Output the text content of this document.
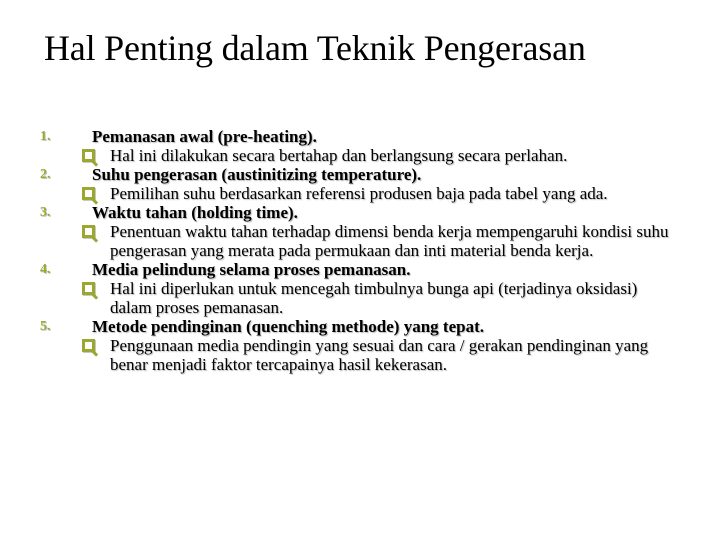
Hal Penting dalam Teknik Pengerasan
1.	Pemanasan awal (pre-heating).
Hal ini dilakukan secara bertahap dan berlangsung secara perlahan.
2.	Suhu pengerasan (austinitizing temperature).
Pemilihan suhu berdasarkan referensi produsen baja pada tabel yang ada.
3.	Waktu tahan (holding time).
Penentuan waktu tahan terhadap dimensi benda kerja mempengaruhi kondisi suhu pengerasan yang merata pada permukaan dan inti material benda kerja.
4.	Media pelindung selama proses pemanasan.
Hal ini diperlukan untuk mencegah timbulnya bunga api (terjadinya oksidasi) dalam proses pemanasan.
5.	Metode pendinginan (quenching methode) yang tepat.
Penggunaan media pendingin yang sesuai dan cara / gerakan pendinginan yang benar menjadi faktor tercapainya hasil kekerasan.
